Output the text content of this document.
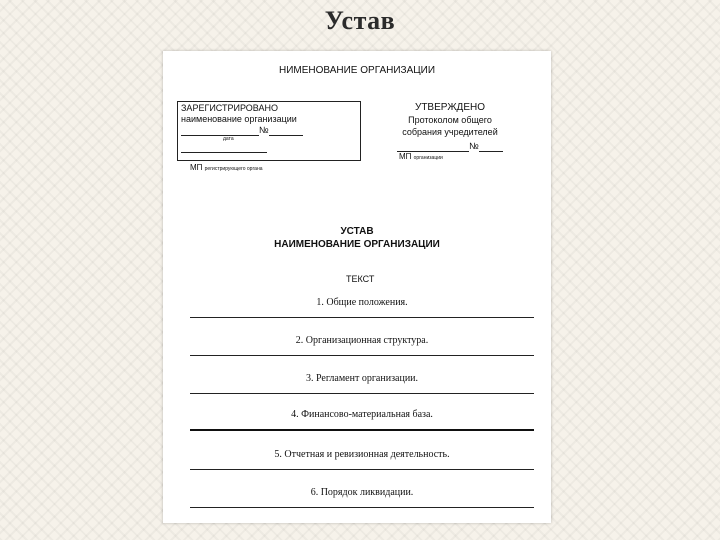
Устав
НИМЕНОВАНИЕ ОРГАНИЗАЦИИ
ЗАРЕГИСТРИРОВАНО
наименование организации
№
дата
МП регистрирующего органа
УТВЕРЖДЕНО
Протоколом общего
собрания учредителей
№
МП организации
УСТАВ
НАИМЕНОВАНИЕ ОРГАНИЗАЦИИ
ТЕКСТ
1. Общие положения.
2. Организационная структура.
3. Регламент организации.
4. Финансово-материальная база.
5. Отчетная и ревизионная деятельность.
6. Порядок ликвидации.
